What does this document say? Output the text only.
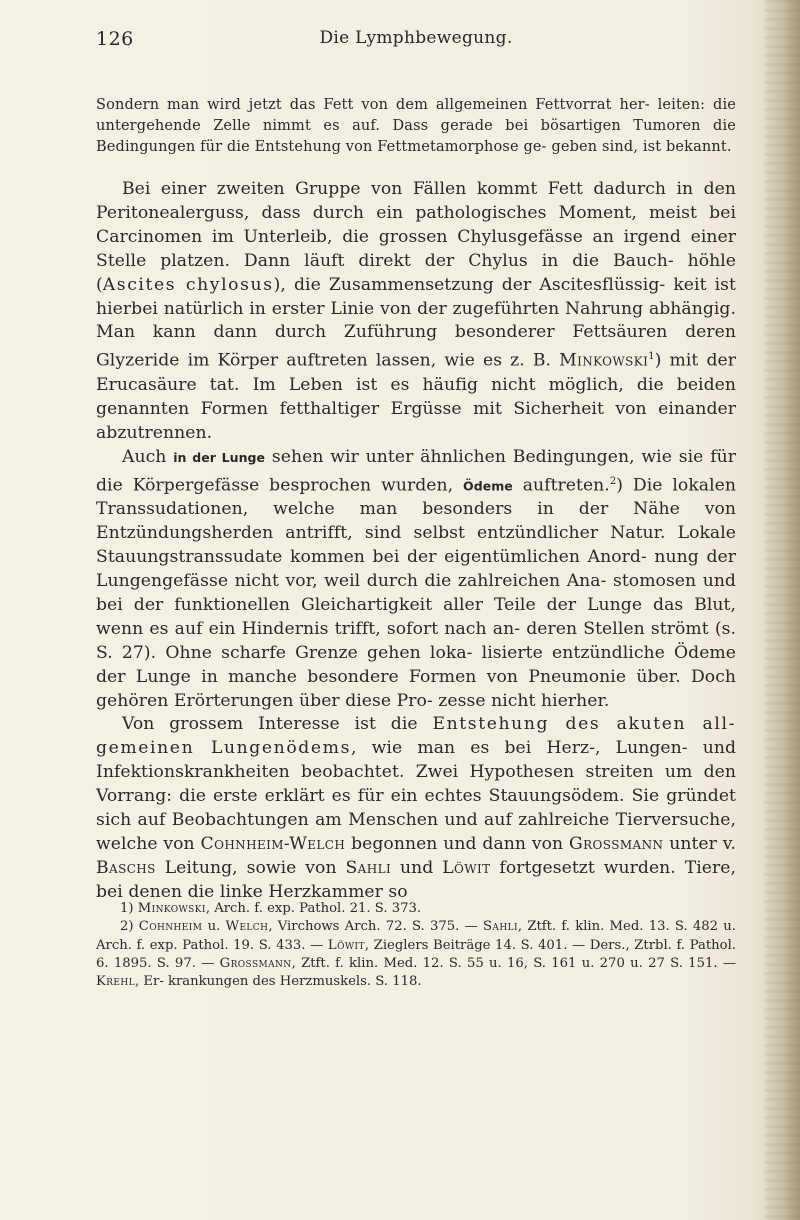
126	Die Lymphbewegung.

Sondern man wird jetzt das Fett von dem allgemeinen Fettvorrat her- leiten: die untergehende Zelle nimmt es auf. Dass gerade bei bösartigen Tumoren die Bedingungen für die Entstehung von Fettmetamorphose ge- geben sind, ist bekannt.

Bei einer zweiten Gruppe von Fällen kommt Fett dadurch in den Peritonealerguss, dass durch ein pathologisches Moment, meist bei Carcinomen im Unterleib, die grossen Chylusgefässe an irgend einer Stelle platzen. Dann läuft direkt der Chylus in die Bauch- höhle (Ascites chylosus), die Zusammensetzung der Ascitesflüssig- keit ist hierbei natürlich in erster Linie von der zugeführten Nahrung abhängig. Man kann dann durch Zuführung besonderer Fettsäuren deren Glyzeride im Körper auftreten lassen, wie es z. B. Minkowski$^1$) mit der Erucasäure tat. Im Leben ist es häufig nicht möglich, die beiden genannten Formen fetthaltiger Ergüsse mit Sicherheit von einander abzutrennen.

Auch in der Lunge sehen wir unter ähnlichen Bedingungen, wie sie für die Körpergefässe besprochen wurden, Ödeme auftreten.$^2$) Die lokalen Transsudationen, welche man besonders in der Nähe von Entzündungsherden antrifft, sind selbst entzündlicher Natur. Lokale Stauungstranssudate kommen bei der eigentümlichen Anord- nung der Lungengefässe nicht vor, weil durch die zahlreichen Ana- stomosen und bei der funktionellen Gleichartigkeit aller Teile der Lunge das Blut, wenn es auf ein Hindernis trifft, sofort nach an- deren Stellen strömt (s. S. 27). Ohne scharfe Grenze gehen loka- lisierte entzündliche Ödeme der Lunge in manche besondere Formen von Pneumonie über. Doch gehören Erörterungen über diese Pro- zesse nicht hierher.

Von grossem Interesse ist die Entstehung des akuten all- gemeinen Lungenödems, wie man es bei Herz-, Lungen- und Infektionskrankheiten beobachtet. Zwei Hypothesen streiten um den Vorrang: die erste erklärt es für ein echtes Stauungsödem. Sie gründet sich auf Beobachtungen am Menschen und auf zahlreiche Tierversuche, welche von Cohnheim-Welch begonnen und dann von Grossmann unter v. Baschs Leitung, sowie von Sahli und Löwit fortgesetzt wurden. Tiere, bei denen die linke Herzkammer so

1) Minkowski, Arch. f. exp. Pathol. 21. S. 373.

2) Cohnheim u. Welch, Virchows Arch. 72. S. 375. — Sahli, Ztft. f. klin. Med. 13. S. 482 u. Arch. f. exp. Pathol. 19. S. 433. — Löwit, Zieglers Beiträge 14. S. 401. — Ders., Ztrbl. f. Pathol. 6. 1895. S. 97. — Grossmann, Ztft. f. klin. Med. 12. S. 55 u. 16, S. 161 u. 270 u. 27 S. 151. — Krehl, Er- krankungen des Herzmuskels. S. 118.
